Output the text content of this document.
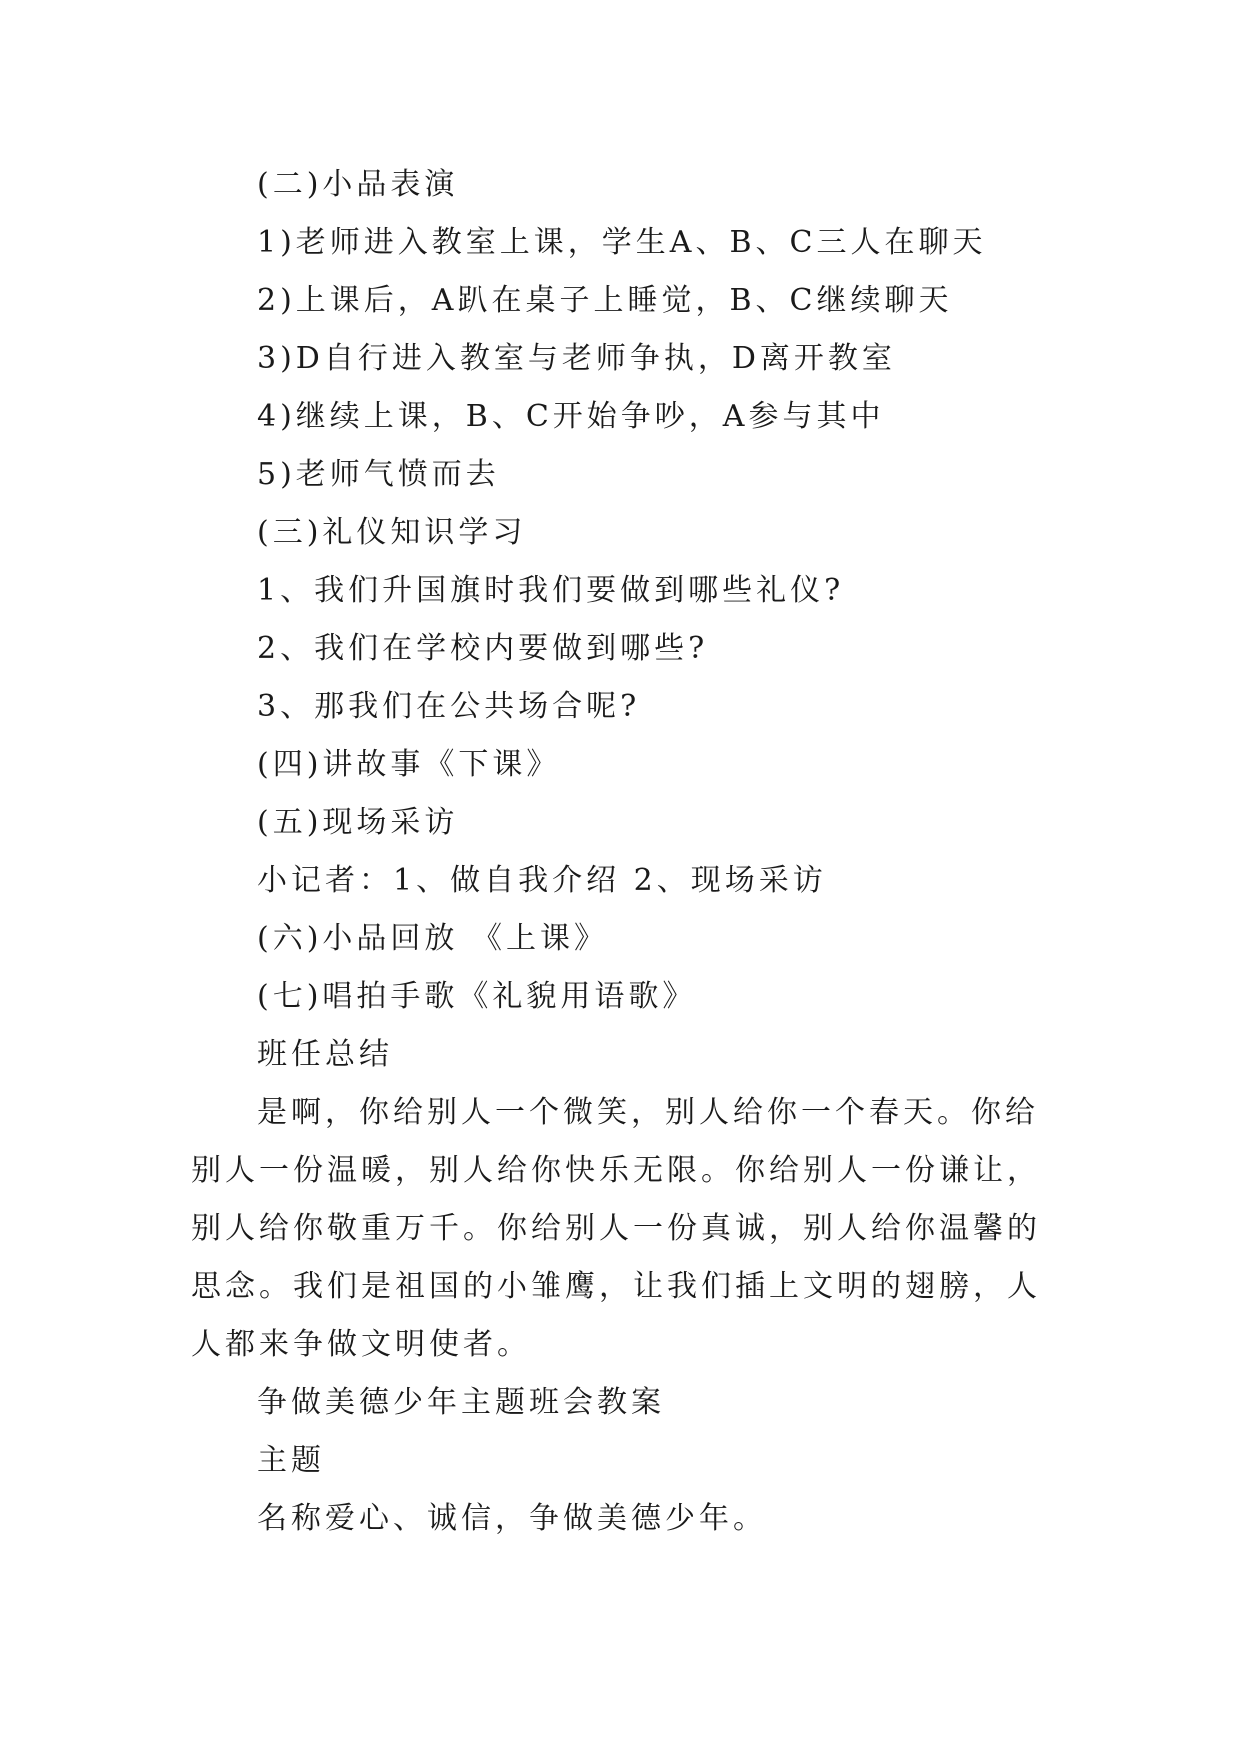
(二)小品表演
1)老师进入教室上课，学生A、B、C三人在聊天
2)上课后，A趴在桌子上睡觉，B、C继续聊天
3)D自行进入教室与老师争执，D离开教室
4)继续上课，B、C开始争吵，A参与其中
5)老师气愤而去
(三)礼仪知识学习
1、我们升国旗时我们要做到哪些礼仪?
2、我们在学校内要做到哪些?
3、那我们在公共场合呢?
(四)讲故事《下课》
(五)现场采访
小记者：1、做自我介绍 2、现场采访
(六)小品回放 《上课》
(七)唱拍手歌《礼貌用语歌》
班任总结

是啊，你给别人一个微笑，别人给你一个春天。你给别人一份温暖，别人给你快乐无限。你给别人一份谦让，别人给你敬重万千。你给别人一份真诚，别人给你温馨的思念。我们是祖国的小雏鹰，让我们插上文明的翅膀，人人都来争做文明使者。

争做美德少年主题班会教案
主题
名称爱心、诚信，争做美德少年。
